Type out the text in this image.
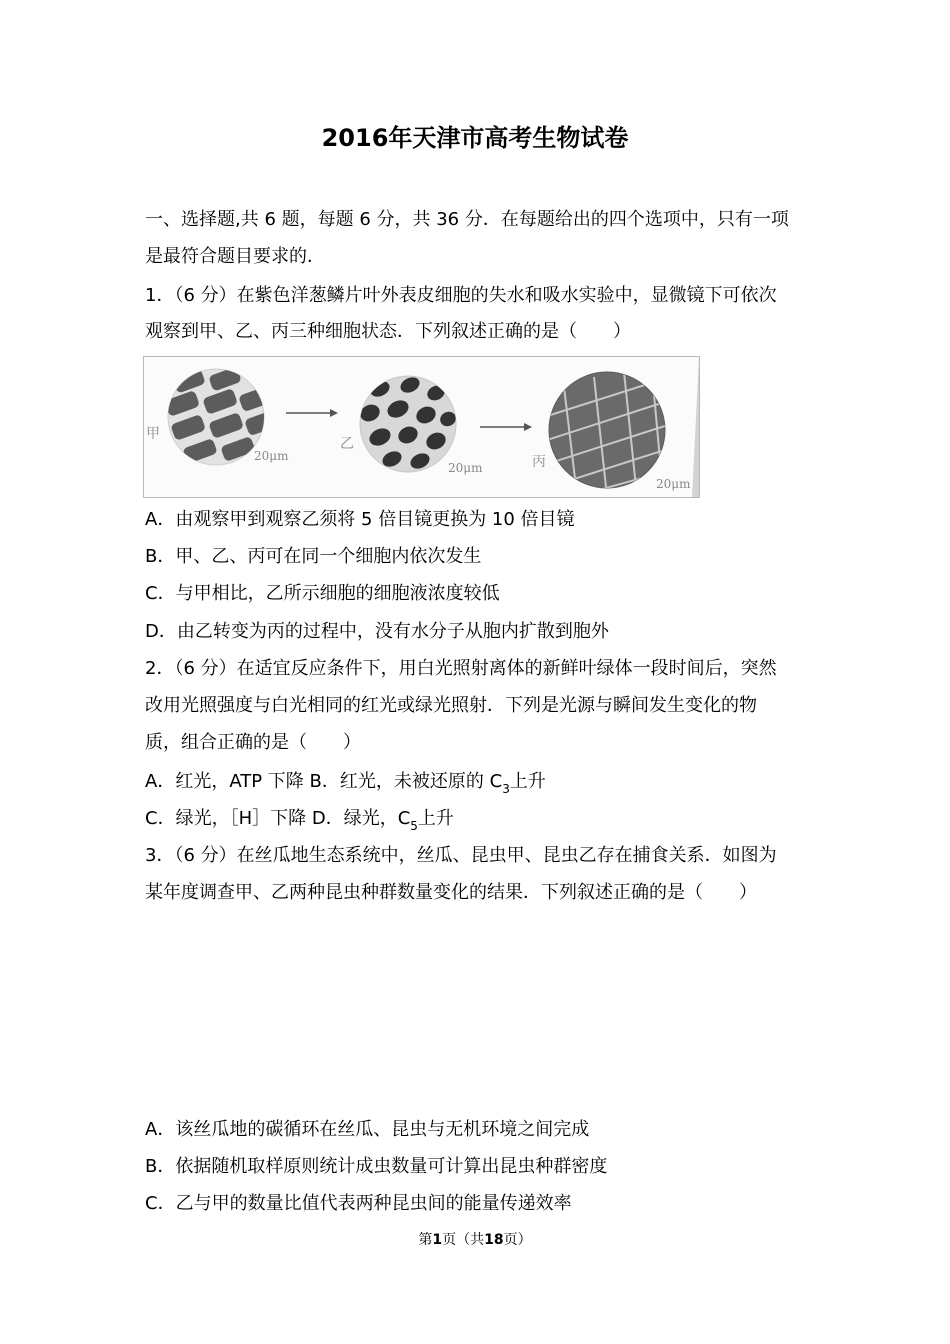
2016年天津市高考生物试卷
一、选择题,共 6 题，每题 6 分，共 36 分．在每题给出的四个选项中，只有一项
是最符合题目要求的．
1．（6 分）在紫色洋葱鳞片叶外表皮细胞的失水和吸水实验中，显微镜下可依次
观察到甲、乙、丙三种细胞状态．下列叙述正确的是（　　）
甲
20μm
乙
20μm	丙
20μm
A．由观察甲到观察乙须将 5 倍目镜更换为 10 倍目镜
B．甲、乙、丙可在同一个细胞内依次发生
C．与甲相比，乙所示细胞的细胞液浓度较低
D．由乙转变为丙的过程中，没有水分子从胞内扩散到胞外
2．（6 分）在适宜反应条件下，用白光照射离体的新鲜叶绿体一段时间后，突然
改用光照强度与白光相同的红光或绿光照射．下列是光源与瞬间发生变化的物
质，组合正确的是（　　）
A．红光，ATP 下降 B．红光，未被还原的 $C_3$上升
C．绿光，［H］下降 D．绿光，$C_5$上升
3．（6 分）在丝瓜地生态系统中，丝瓜、昆虫甲、昆虫乙存在捕食关系．如图为
某年度调查甲、乙两种昆虫种群数量变化的结果．下列叙述正确的是（　　）
A．该丝瓜地的碳循环在丝瓜、昆虫与无机环境之间完成
B．依据随机取样原则统计成虫数量可计算出昆虫种群密度
C．乙与甲的数量比值代表两种昆虫间的能量传递效率
第1页（共18页）
